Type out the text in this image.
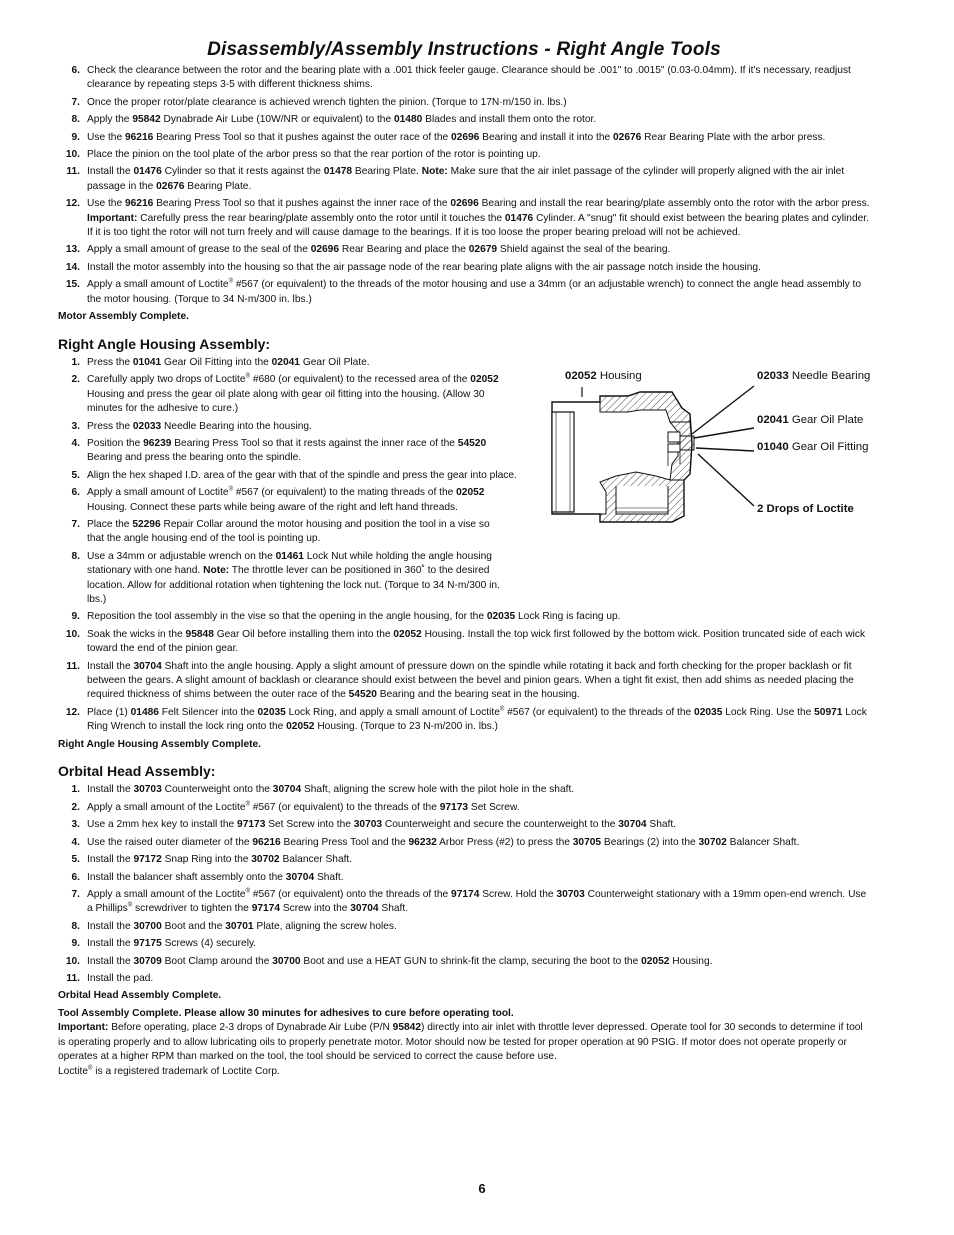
Disassembly/Assembly Instructions - Right Angle Tools
6. Check the clearance between the rotor and the bearing plate with a .001 thick feeler gauge. Clearance should be .001" to .0015" (0.03-0.04mm). If it's necessary, readjust clearance by repeating steps 3-5 with different thickness shims.
7. Once the proper rotor/plate clearance is achieved wrench tighten the pinion. (Torque to 17N·m/150 in. lbs.)
8. Apply the 95842 Dynabrade Air Lube (10W/NR or equivalent) to the 01480 Blades and install them onto the rotor.
9. Use the 96216 Bearing Press Tool so that it pushes against the outer race of the 02696 Bearing and install it into the 02676 Rear Bearing Plate with the arbor press.
10. Place the pinion on the tool plate of the arbor press so that the rear portion of the rotor is pointing up.
11. Install the 01476 Cylinder so that it rests against the 01478 Bearing Plate. Note: Make sure that the air inlet passage of the cylinder will properly aligned with the air inlet passage in the 02676 Bearing Plate.
12. Use the 96216 Bearing Press Tool so that it pushes against the inner race of the 02696 Bearing and install the rear bearing/plate assembly onto the rotor with the arbor press. Important: Carefully press the rear bearing/plate assembly onto the rotor until it touches the 01476 Cylinder. A "snug" fit should exist between the bearing plates and cylinder. If it is too tight the rotor will not turn freely and will cause damage to the bearings. If it is too loose the proper bearing preload will not be achieved.
13. Apply a small amount of grease to the seal of the 02696 Rear Bearing and place the 02679 Shield against the seal of the bearing.
14. Install the motor assembly into the housing so that the air passage node of the rear bearing plate aligns with the air passage notch inside the housing.
15. Apply a small amount of Loctite® #567 (or equivalent) to the threads of the motor housing and use a 34mm (or an adjustable wrench) to connect the angle head assembly to the motor housing. (Torque to 34 N-m/300 in. lbs.)
Motor Assembly Complete.
Right Angle Housing Assembly:
1. Press the 01041 Gear Oil Fitting into the 02041 Gear Oil Plate.
2. Carefully apply two drops of Loctite® #680 (or equivalent) to the recessed area of the 02052 Housing and press the gear oil plate along with gear oil fitting into the housing. (Allow 30 minutes for the adhesive to cure.)
3. Press the 02033 Needle Bearing into the housing.
4. Position the 96239 Bearing Press Tool so that it rests against the inner race of the 54520 Bearing and press the bearing onto the spindle.
5. Align the hex shaped I.D. area of the gear with that of the spindle and press the gear into place.
6. Apply a small amount of Loctite® #567 (or equivalent) to the mating threads of the 02052 Housing. Connect these parts while being aware of the right and left hand threads.
7. Place the 52296 Repair Collar around the motor housing and position the tool in a vise so that the angle housing end of the tool is pointing up.
8. Use a 34mm or adjustable wrench on the 01461 Lock Nut while holding the angle housing stationary with one hand. Note: The throttle lever can be positioned in 360˚ to the desired location. Allow for additional rotation when tightening the lock nut. (Torque to 34 N-m/300 in. lbs.)
9. Reposition the tool assembly in the vise so that the opening in the angle housing, for the 02035 Lock Ring is facing up.
10. Soak the wicks in the 95848 Gear Oil before installing them into the 02052 Housing. Install the top wick first followed by the bottom wick. Position truncated side of each wick toward the end of the pinion gear.
11. Install the 30704 Shaft into the angle housing. Apply a slight amount of pressure down on the spindle while rotating it back and forth checking for the proper backlash or fit between the gears. A slight amount of backlash or clearance should exist between the bevel and pinion gears. When a tight fit exist, then add shims as needed placing the required thickness of shims between the outer race of the 54520 Bearing and the bearing seat in the housing.
12. Place (1) 01486 Felt Silencer into the 02035 Lock Ring, and apply a small amount of Loctite® #567 (or equivalent) to the threads of the 02035 Lock Ring. Use the 50971 Lock Ring Wrench to install the lock ring onto the 02052 Housing. (Torque to 23 N-m/200 in. lbs.)
Right Angle Housing Assembly Complete.
Orbital Head Assembly:
1. Install the 30703 Counterweight onto the 30704 Shaft, aligning the screw hole with the pilot hole in the shaft.
2. Apply a small amount of the Loctite® #567 (or equivalent) to the threads of the 97173 Set Screw.
3. Use a 2mm hex key to install the 97173 Set Screw into the 30703 Counterweight and secure the counterweight to the 30704 Shaft.
4. Use the raised outer diameter of the 96216 Bearing Press Tool and the 96232 Arbor Press (#2) to press the 30705 Bearings (2) into the 30702 Balancer Shaft.
5. Install the 97172 Snap Ring into the 30702 Balancer Shaft.
6. Install the balancer shaft assembly onto the 30704 Shaft.
7. Apply a small amount of the Loctite® #567 (or equivalent) onto the threads of the 97174 Screw. Hold the 30703 Counterweight stationary with a 19mm open-end wrench. Use a Phillips® screwdriver to tighten the 97174 Screw into the 30704 Shaft.
8. Install the 30700 Boot and the 30701 Plate, aligning the screw holes.
9. Install the 97175 Screws (4) securely.
10. Install the 30709 Boot Clamp around the 30700 Boot and use a HEAT GUN to shrink-fit the clamp, securing the boot to the 02052 Housing.
11. Install the pad.
Orbital Head Assembly Complete.
Tool Assembly Complete. Please allow 30 minutes for adhesives to cure before operating tool.
Important: Before operating, place 2-3 drops of Dynabrade Air Lube (P/N 95842) directly into air inlet with throttle lever depressed. Operate tool for 30 seconds to determine if tool is operating properly and to allow lubricating oils to properly penetrate motor. Motor should now be tested for proper operation at 90 PSIG. If motor does not operate properly or operates at a higher RPM than marked on the tool, the tool should be serviced to correct the cause before use.
Loctite® is a registered trademark of Loctite Corp.
02052 Housing	02033 Needle Bearing
02041 Gear Oil Plate
01040 Gear Oil Fitting
2 Drops of Loctite
6
